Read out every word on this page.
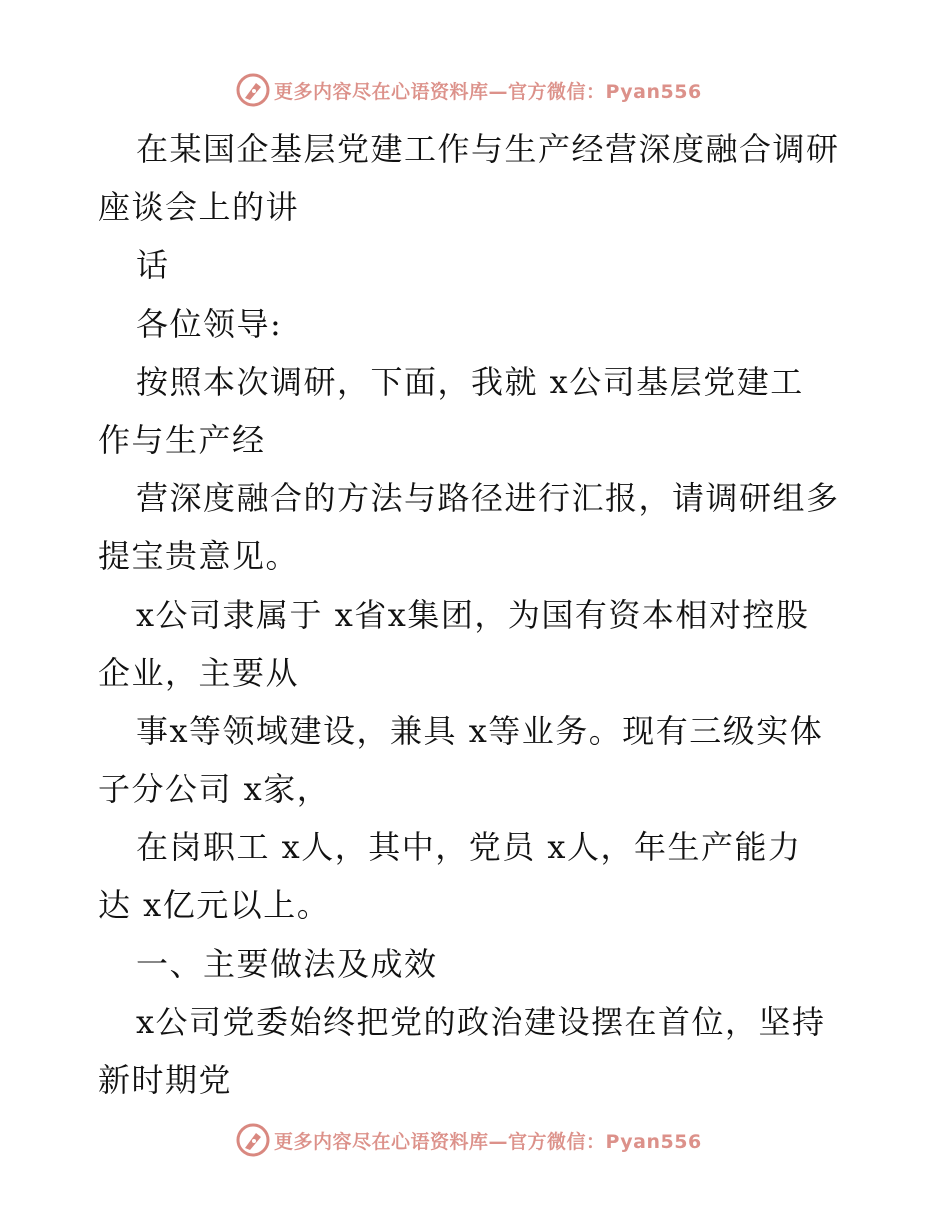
更多内容尽在心语资料库—官方微信：Pyan556
在某国企基层党建工作与生产经营深度融合调研
座谈会上的讲
话
各位领导:
按照本次调研，下面，我就 x公司基层党建工
作与生产经
营深度融合的方法与路径进行汇报，请调研组多
提宝贵意见。
x公司隶属于 x省x集团，为国有资本相对控股
企业，主要从
事x等领域建设，兼具 x等业务。现有三级实体
子分公司 x家，
在岗职工 x人，其中，党员 x人，年生产能力
达 x亿元以上。
一、主要做法及成效
x公司党委始终把党的政治建设摆在首位，坚持
新时期党
更多内容尽在心语资料库—官方微信：Pyan556
